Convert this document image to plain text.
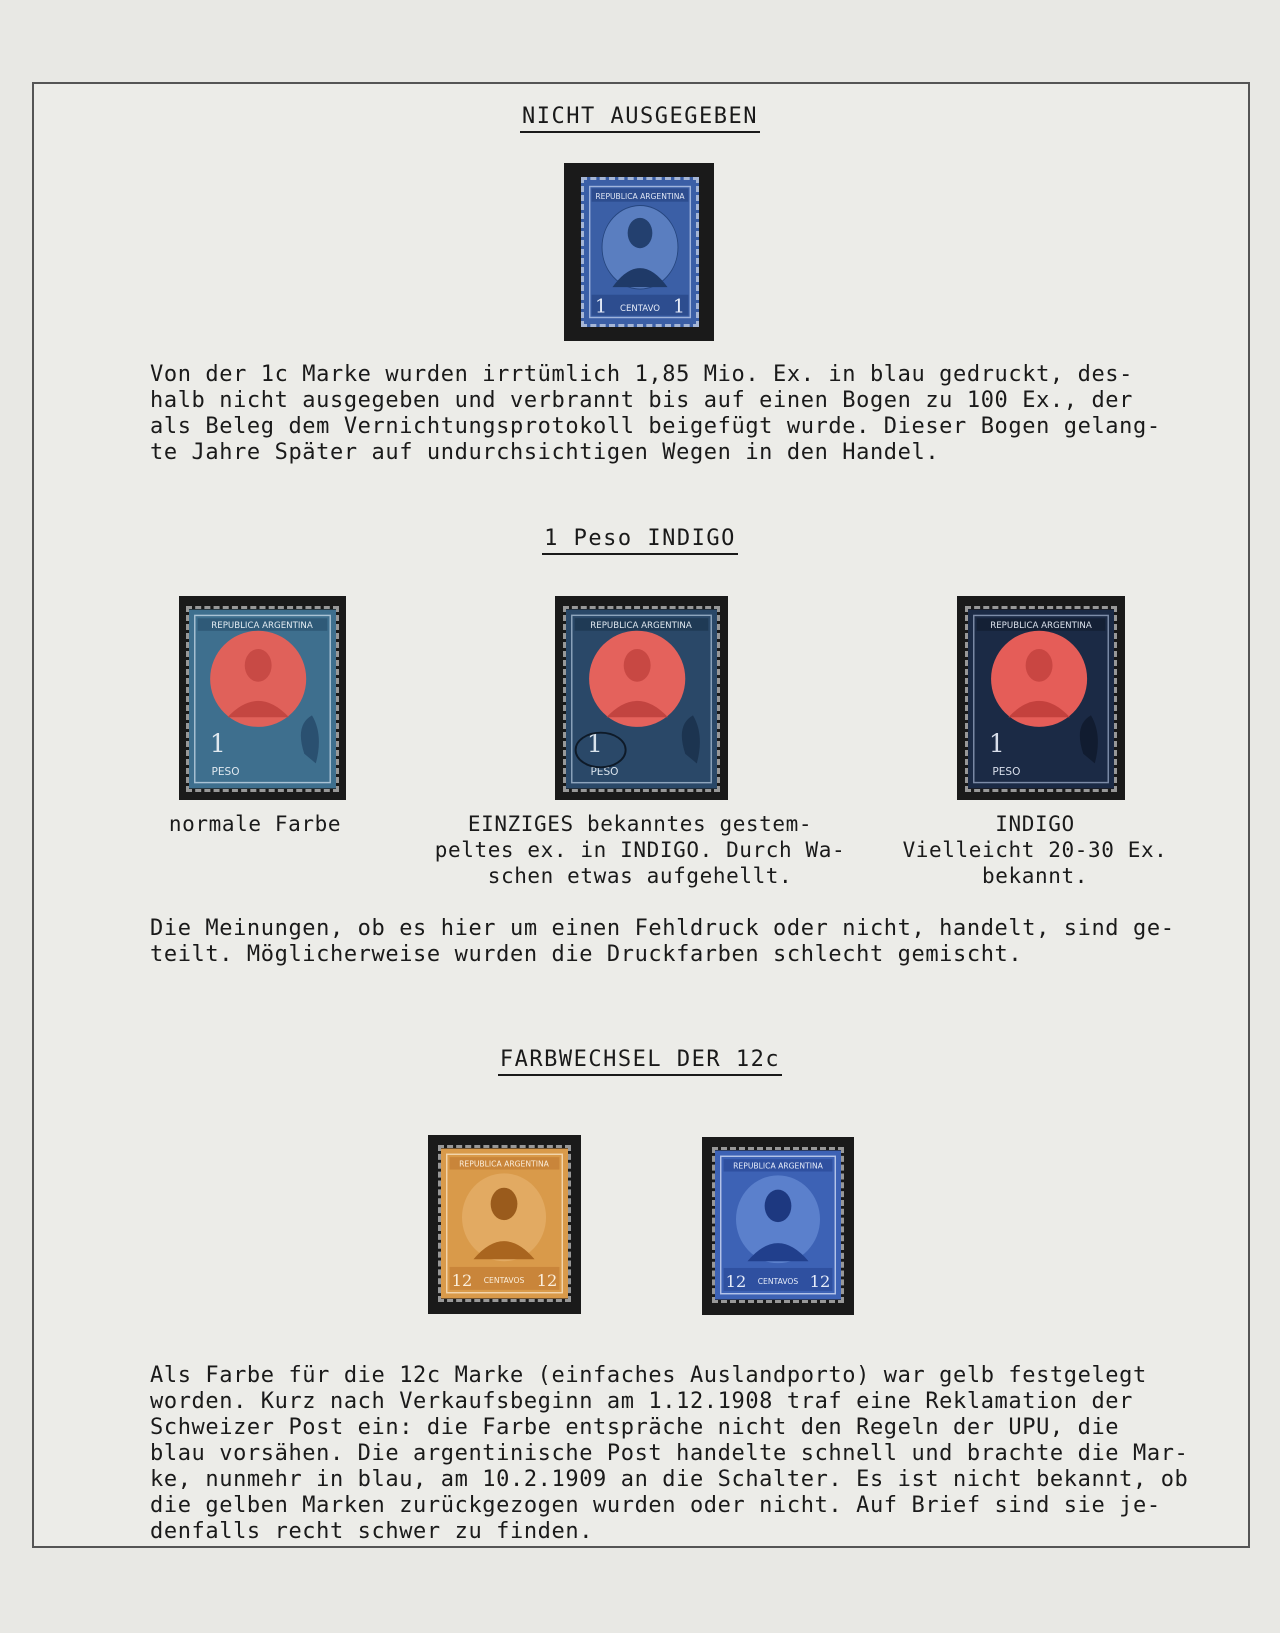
NICHT AUSGEGEBEN
REPUBLICA ARGENTINA
1	1
CENTAVO

Von der 1c Marke wurden irrtümlich 1,85 Mio. Ex. in blau gedruckt, des-
halb nicht ausgegeben und verbrannt bis auf einen Bogen zu 100 Ex., der
als Beleg dem Vernichtungsprotokoll beigefügt wurde. Dieser Bogen gelang-
te Jahre Später auf undurchsichtigen Wegen in den Handel.

1 Peso INDIGO
REPUBLICA ARGENTINA
1
PESO
REPUBLICA ARGENTINA
1
PESO
REPUBLICA ARGENTINA
1
PESO

normale Farbe	EINZIGES bekanntes gestem-
peltes ex. in INDIGO. Durch Wa-
schen etwas aufgehellt.

INDIGO
Vielleicht 20-30 Ex.
bekannt.

Die Meinungen, ob es hier um einen Fehldruck oder nicht, handelt, sind ge-
teilt. Möglicherweise wurden die Druckfarben schlecht gemischt.

FARBWECHSEL DER 12c
REPUBLICA ARGENTINA
12	12
CENTAVOS
REPUBLICA ARGENTINA
12	12
CENTAVOS

Als Farbe für die 12c Marke (einfaches Auslandporto) war gelb festgelegt
worden. Kurz nach Verkaufsbeginn am 1.12.1908 traf eine Reklamation der
Schweizer Post ein: die Farbe entspräche nicht den Regeln der UPU, die
blau vorsähen. Die argentinische Post handelte schnell und brachte die Mar-
ke, nunmehr in blau, am 10.2.1909 an die Schalter. Es ist nicht bekannt, ob
die gelben Marken zurückgezogen wurden oder nicht. Auf Brief sind sie je-
denfalls recht schwer zu finden.
